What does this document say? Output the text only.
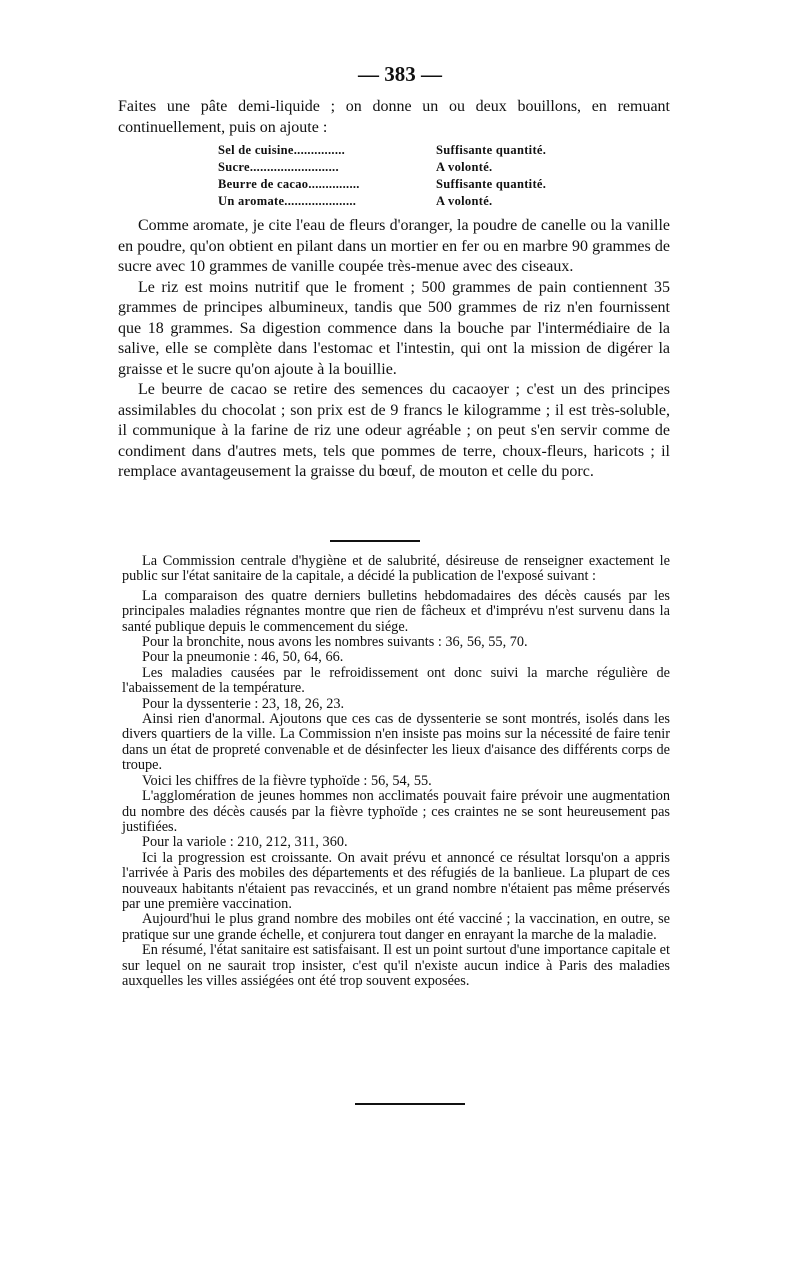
— 383 —

Faites une pâte demi-liquide ; on donne un ou deux bouillons, en remuant continuellement, puis on ajoute :

Sel de cuisine...............	Suffisante quantité.
Sucre..........................	A volonté.
Beurre de cacao...............	Suffisante quantité.
Un aromate.....................	A volonté.

Comme aromate, je cite l'eau de fleurs d'oranger, la poudre de canelle ou la vanille en poudre, qu'on obtient en pilant dans un mortier en fer ou en marbre 90 grammes de sucre avec 10 grammes de vanille coupée très-menue avec des ciseaux.

Le riz est moins nutritif que le froment ; 500 grammes de pain contiennent 35 grammes de principes albumineux, tandis que 500 grammes de riz n'en fournissent que 18 grammes. Sa digestion commence dans la bouche par l'intermédiaire de la salive, elle se complète dans l'estomac et l'intestin, qui ont la mission de digérer la graisse et le sucre qu'on ajoute à la bouillie.

Le beurre de cacao se retire des semences du cacaoyer ; c'est un des principes assimilables du chocolat ; son prix est de 9 francs le kilogramme ; il est très-soluble, il communique à la farine de riz une odeur agréable ; on peut s'en servir comme de condiment dans d'autres mets, tels que pommes de terre, choux-fleurs, haricots ; il remplace avantageusement la graisse du bœuf, de mouton et celle du porc.

La Commission centrale d'hygiène et de salubrité, désireuse de renseigner exactement le public sur l'état sanitaire de la capitale, a décidé la publication de l'exposé suivant :

La comparaison des quatre derniers bulletins hebdomadaires des décès causés par les principales maladies régnantes montre que rien de fâcheux et d'imprévu n'est survenu dans la santé publique depuis le commencement du siége.

Pour la bronchite, nous avons les nombres suivants : 36, 56, 55, 70.

Pour la pneumonie : 46, 50, 64, 66.

Les maladies causées par le refroidissement ont donc suivi la marche régulière de l'abaissement de la température.

Pour la dyssenterie : 23, 18, 26, 23.

Ainsi rien d'anormal. Ajoutons que ces cas de dyssenterie se sont montrés, isolés dans les divers quartiers de la ville. La Commission n'en insiste pas moins sur la nécessité de faire tenir dans un état de propreté convenable et de désinfecter les lieux d'aisance des différents corps de troupe.

Voici les chiffres de la fièvre typhoïde : 56, 54, 55.

L'agglomération de jeunes hommes non acclimatés pouvait faire prévoir une augmentation du nombre des décès causés par la fièvre typhoïde ; ces craintes ne se sont heureusement pas justifiées.

Pour la variole : 210, 212, 311, 360.

Ici la progression est croissante. On avait prévu et annoncé ce résultat lorsqu'on a appris l'arrivée à Paris des mobiles des départements et des réfugiés de la banlieue. La plupart de ces nouveaux habitants n'étaient pas revaccinés, et un grand nombre n'étaient pas même préservés par une première vaccination.

Aujourd'hui le plus grand nombre des mobiles ont été vacciné ; la vaccination, en outre, se pratique sur une grande échelle, et conjurera tout danger en enrayant la marche de la maladie.

En résumé, l'état sanitaire est satisfaisant. Il est un point surtout d'une importance capitale et sur lequel on ne saurait trop insister, c'est qu'il n'existe aucun indice à Paris des maladies auxquelles les villes assiégées ont été trop souvent exposées.
